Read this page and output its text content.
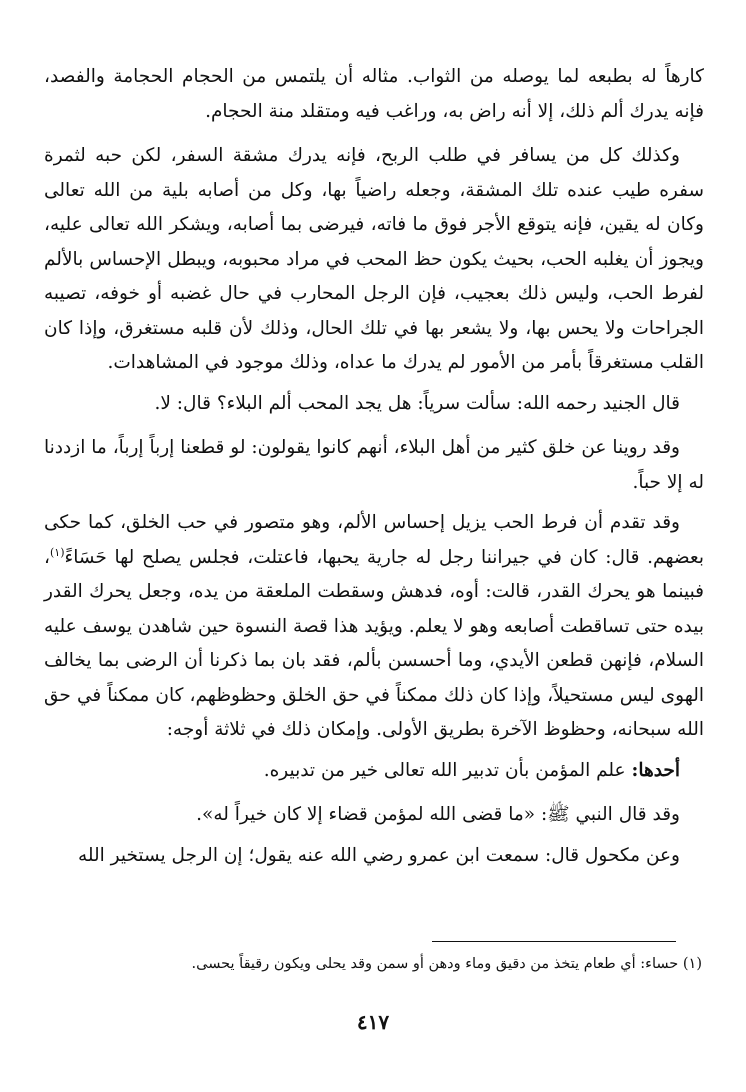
كارهاً له بطبعه لما يوصله من الثواب. مثاله أن يلتمس من الحجام الحجامة والفصد، فإنه يدرك ألم ذلك، إلا أنه راض به، وراغب فيه ومتقلد منة الحجام.

وكذلك كل من يسافر في طلب الربح، فإنه يدرك مشقة السفر، لكن حبه لثمرة سفره طيب عنده تلك المشقة، وجعله راضياً بها، وكل من أصابه بلية من الله تعالى وكان له يقين، فإنه يتوقع الأجر فوق ما فاته، فيرضى بما أصابه، ويشكر الله تعالى عليه، ويجوز أن يغلبه الحب، بحيث يكون حظ المحب في مراد محبوبه، ويبطل الإحساس بالألم لفرط الحب، وليس ذلك بعجيب، فإن الرجل المحارب في حال غضبه أو خوفه، تصيبه الجراحات ولا يحس بها، ولا يشعر بها في تلك الحال، وذلك لأن قلبه مستغرق، وإذا كان القلب مستغرقاً بأمر من الأمور لم يدرك ما عداه، وذلك موجود في المشاهدات.

قال الجنيد رحمه الله: سألت سرياً: هل يجد المحب ألم البلاء؟ قال: لا.

وقد روينا عن خلق كثير من أهل البلاء، أنهم كانوا يقولون: لو قطعنا إرباً إرباً، ما ازددنا له إلا حباً.

وقد تقدم أن فرط الحب يزيل إحساس الألم، وهو متصور في حب الخلق، كما حكى بعضهم. قال: كان في جيراننا رجل له جارية يحبها، فاعتلت، فجلس يصلح لها حَسَاءً$^{(١)}$، فبينما هو يحرك القدر، قالت: أوه، فدهش وسقطت الملعقة من يده، وجعل يحرك القدر بيده حتى تساقطت أصابعه وهو لا يعلم. ويؤيد هذا قصة النسوة حين شاهدن يوسف عليه السلام، فإنهن قطعن الأيدي، وما أحسسن بألم، فقد بان بما ذكرنا أن الرضى بما يخالف الهوى ليس مستحيلاً، وإذا كان ذلك ممكناً في حق الخلق وحظوظهم، كان ممكناً في حق الله سبحانه، وحظوظ الآخرة بطريق الأولى. وإمكان ذلك في ثلاثة أوجه:

أحدها: علم المؤمن بأن تدبير الله تعالى خير من تدبيره.

وقد قال النبي ﷺ: «ما قضى الله لمؤمن قضاء إلا كان خيراً له».

وعن مكحول قال: سمعت ابن عمرو رضي الله عنه يقول؛ إن الرجل يستخير الله

(١) حساء: أي طعام يتخذ من دقيق وماء ودهن أو سمن وقد يحلى ويكون رقيقاً يحسى.
٤١٧
